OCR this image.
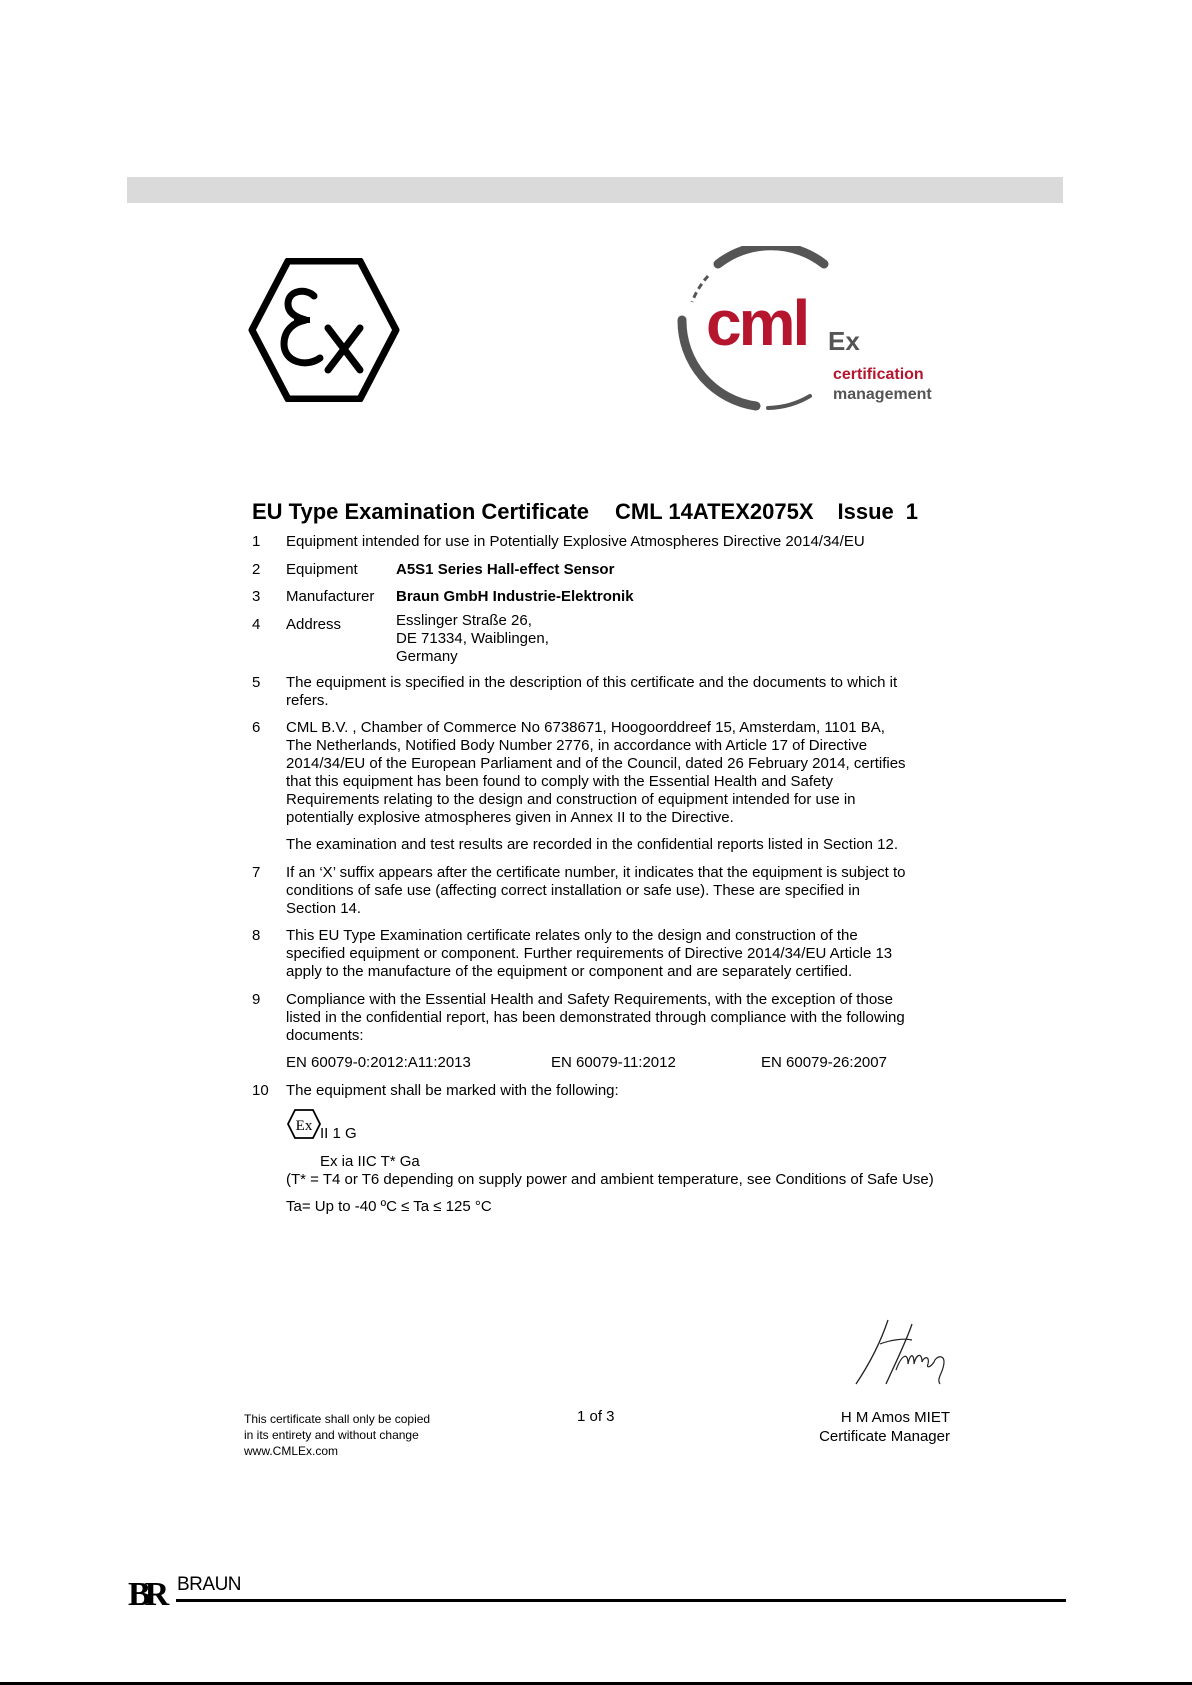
cml Ex
certification
management
EU Type Examination Certificate CML 14ATEX2075X Issue 1
1	Equipment intended for use in Potentially Explosive Atmospheres Directive 2014/34/EU
2	Equipment	A5S1 Series Hall-effect Sensor
3	Manufacturer Braun GmbH Industrie-Elektronik
4	Address	Esslinger Straße 26,
DE 71334, Waiblingen,
Germany
5	The equipment is specified in the description of this certificate and the documents to which it
refers.
6	CML B.V. , Chamber of Commerce No 6738671, Hoogoorddreef 15, Amsterdam, 1101 BA,
The Netherlands, Notified Body Number 2776, in accordance with Article 17 of Directive
2014/34/EU of the European Parliament and of the Council, dated 26 February 2014, certifies
that this equipment has been found to comply with the Essential Health and Safety
Requirements relating to the design and construction of equipment intended for use in
potentially explosive atmospheres given in Annex II to the Directive.
The examination and test results are recorded in the confidential reports listed in Section 12.
7	If an ‘X’ suffix appears after the certificate number, it indicates that the equipment is subject to
conditions of safe use (affecting correct installation or safe use). These are specified in
Section 14.
8	This EU Type Examination certificate relates only to the design and construction of the
specified equipment or component. Further requirements of Directive 2014/34/EU Article 13
apply to the manufacture of the equipment or component and are separately certified.
9	Compliance with the Essential Health and Safety Requirements, with the exception of those
listed in the confidential report, has been demonstrated through compliance with the following
documents:
EN 60079-0:2012:A11:2013	EN 60079-11:2012	EN 60079-26:2007
10	The equipment shall be marked with the following:
Ex II 1 G
Ex ia IIC T* Ga
(T* = T4 or T6 depending on supply power and ambient temperature, see Conditions of Safe Use)
Ta= Up to -40 ºC ≤ Ta ≤ 125 °C
This certificate shall only be copied
in its entirety and without change
www.CMLEx.com
1 of 3	H M Amos MIET
Certificate Manager
BR BRAUN
